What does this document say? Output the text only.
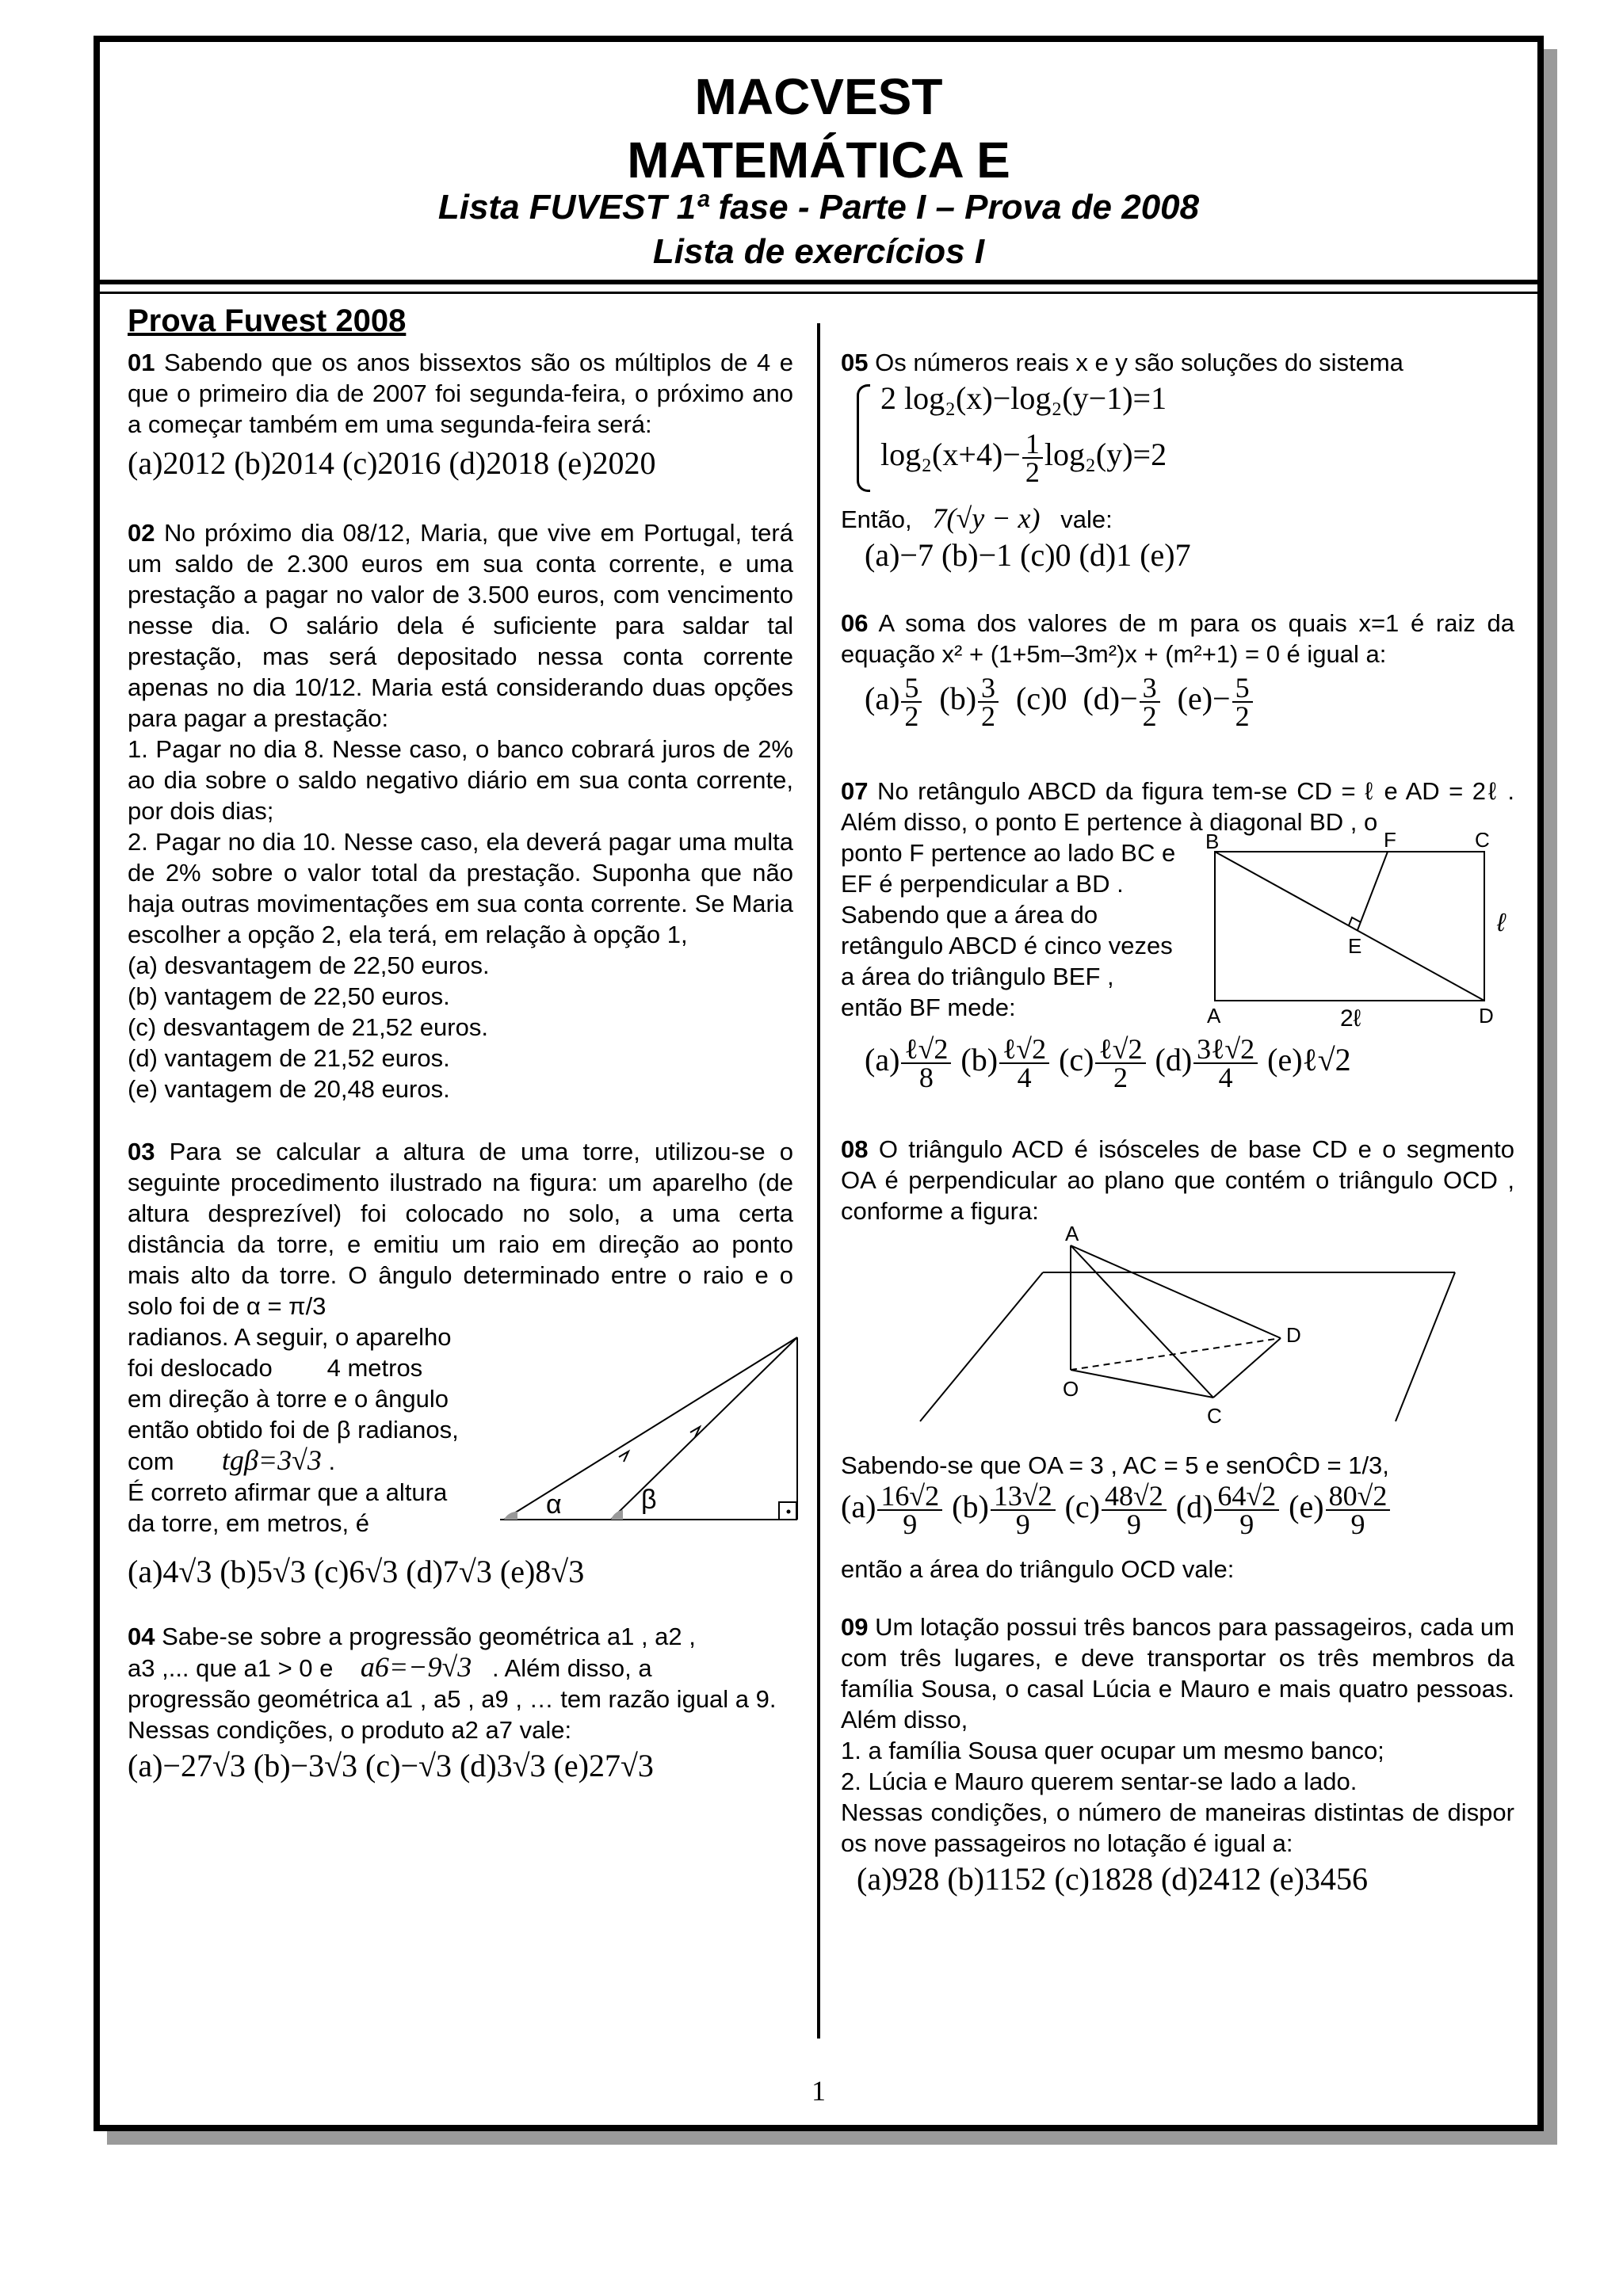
MACVEST
MATEMÁTICA E
Lista FUVEST 1ª fase - Parte I – Prova de 2008
Lista de exercícios I
Prova Fuvest 2008

01 Sabendo que os anos bissextos são os múltiplos de 4 e que o primeiro dia de 2007 foi segunda-feira, o próximo ano a começar também em uma segunda-feira será:

(a)2012 (b)2014 (c)2016 (d)2018 (e)2020

02 No próximo dia 08/12, Maria, que vive em Portugal, terá um saldo de 2.300 euros em sua conta corrente, e uma prestação a pagar no valor de 3.500 euros, com vencimento nesse dia. O salário dela é suficiente para saldar tal prestação, mas será depositado nessa conta corrente apenas no dia 10/12. Maria está considerando duas opções para pagar a prestação:

1. Pagar no dia 8. Nesse caso, o banco cobrará juros de 2% ao dia sobre o saldo negativo diário em sua conta corrente, por dois dias;

2. Pagar no dia 10. Nesse caso, ela deverá pagar uma multa de 2% sobre o valor total da prestação. Suponha que não haja outras movimentações em sua conta corrente. Se Maria escolher a opção 2, ela terá, em relação à opção 1,

(a) desvantagem de 22,50 euros.

(b) vantagem de 22,50 euros.

(c) desvantagem de 21,52 euros.

(d) vantagem de 21,52 euros.

(e) vantagem de 20,48 euros.

03 Para se calcular a altura de uma torre, utilizou-se o seguinte procedimento ilustrado na figura: um aparelho (de altura desprezível) foi colocado no solo, a uma certa distância da torre, e emitiu um raio em direção ao ponto mais alto da torre. O ângulo determinado entre o raio e o solo foi de α = π/3

radianos. A seguir, o aparelho

foi deslocado        4 metros

em direção à torre e o ângulo

então obtido foi de β radianos,

com tgβ=3√3 .

É correto afirmar que a altura

da torre, em metros, é

α	β
(a)4√3 (b)5√3 (c)6√3 (d)7√3 (e)8√3

04 Sabe-se sobre a progressão geométrica a1 , a2 ,

a3 ,... que a1 > 0 e a6=−9√3 . Além disso, a

progressão geométrica a1 , a5 , a9 , … tem razão igual a 9.

Nessas condições, o produto a2 a7 vale:

(a)−27√3 (b)−3√3 (c)−√3 (d)3√3 (e)27√3

05 Os números reais x e y são soluções do sistema

2 log₂(x)−log₂(y−1)=1
$\log_2(x+4)- \frac{1}{2} \log_2(y)=2$

Então, 7(√y − x) vale:

(a)−7 (b)−1 (c)0 (d)1 (e)7

06 A soma dos valores de m para os quais x=1 é raiz da equação x² + (1+5m–3m²)x + (m²+1) = 0 é igual a:

$(a) \frac{5}{2} (b) \frac{3}{2} (c)0$ $(d)- \frac{3}{2} (e)- \frac{5}{2}$

07 No retângulo ABCD da figura tem-se CD = ℓ e AD = 2ℓ . Além disso, o ponto E pertence à diagonal BD , o

ponto F pertence ao lado BC e

EF é perpendicular a BD .

Sabendo que a área do

retângulo ABCD é cinco vezes

a área do triângulo BEF ,

então BF mede:

B	F	C
E
A	D
ℓ
2ℓ
$(a) \frac{\text{ℓ√2}}{8} (b) \frac{\text{ℓ√2}}{4} (c) \frac{\text{ℓ√2}}{2} (d) \frac{\text{3ℓ√2}}{4}$ (e)ℓ√2

08 O triângulo ACD é isósceles de base CD e o segmento OA é perpendicular ao plano que contém o triângulo OCD , conforme a figura:

A
O
C
D

Sabendo-se que OA = 3 , AC = 5 e senOĈD = 1/3,

$(a) \frac{16√2}{9} (b) \frac{13√2}{9} (c) \frac{48√2}{9} (d) \frac{64√2}{9} (e) \frac{80√2}{9}$

então a área do triângulo OCD vale:

09 Um lotação possui três bancos para passageiros, cada um com três lugares, e deve transportar os três membros da família Sousa, o casal Lúcia e Mauro e mais quatro pessoas. Além disso,

1. a família Sousa quer ocupar um mesmo banco;

2. Lúcia e Mauro querem sentar-se lado a lado.

Nessas condições, o número de maneiras distintas de dispor os nove passageiros no lotação é igual a:

(a)928 (b)1152 (c)1828 (d)2412 (e)3456
1
